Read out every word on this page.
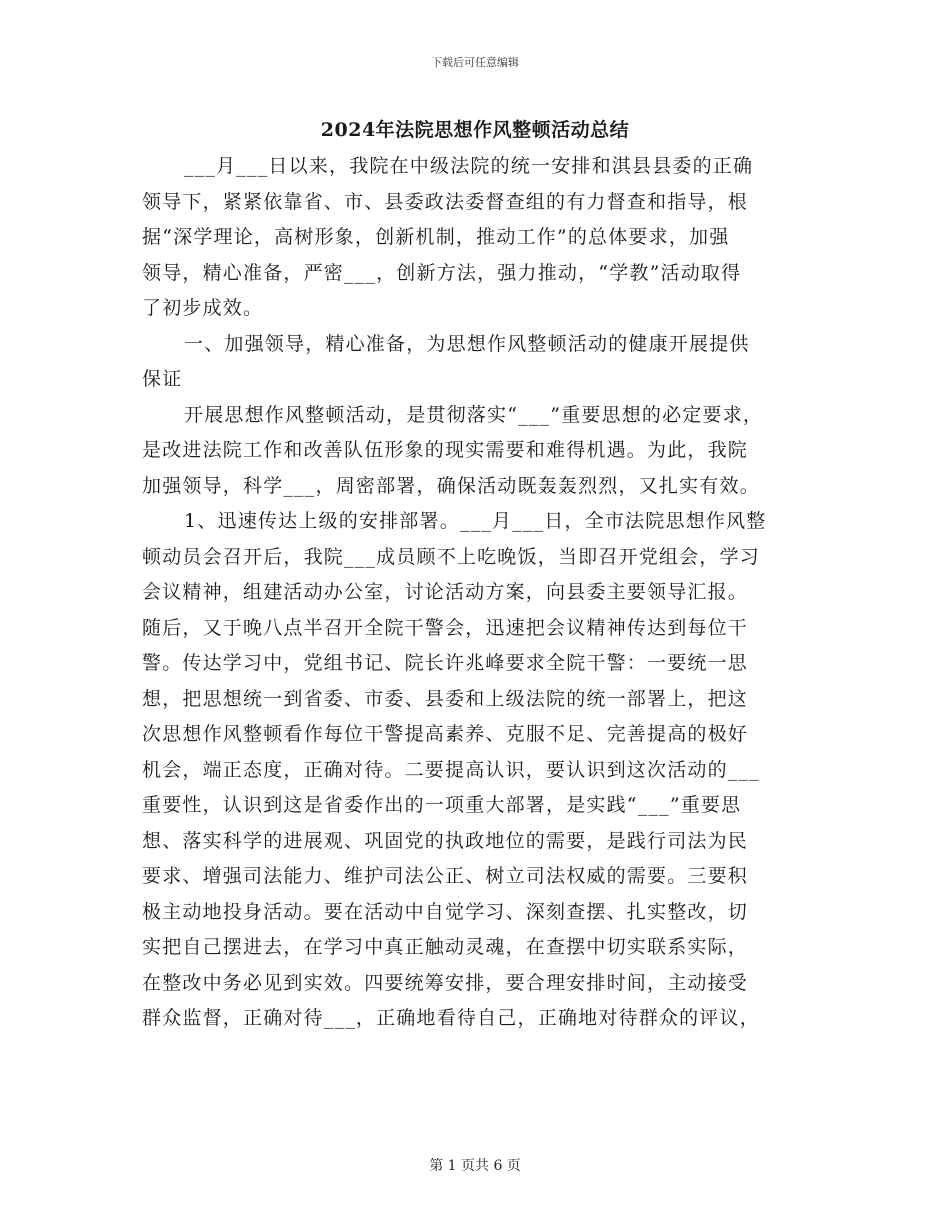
下载后可任意编辑
2024年法院思想作风整顿活动总结
___月___日以来，我院在中级法院的统一安排和淇县县委的正确
领导下，紧紧依靠省、市、县委政法委督查组的有力督查和指导，根
据“深学理论，高树形象，创新机制，推动工作”的总体要求，加强
领导，精心准备，严密___，创新方法，强力推动，“学教”活动取得
了初步成效。
一、加强领导，精心准备，为思想作风整顿活动的健康开展提供
保证
开展思想作风整顿活动，是贯彻落实“___”重要思想的必定要求，
是改进法院工作和改善队伍形象的现实需要和难得机遇。为此，我院
加强领导，科学___，周密部署，确保活动既轰轰烈烈，又扎实有效。
1、迅速传达上级的安排部署。___月___日，全市法院思想作风整
顿动员会召开后，我院___成员顾不上吃晚饭，当即召开党组会，学习
会议精神，组建活动办公室，讨论活动方案，向县委主要领导汇报。
随后，又于晚八点半召开全院干警会，迅速把会议精神传达到每位干
警。传达学习中，党组书记、院长许兆峰要求全院干警：一要统一思
想，把思想统一到省委、市委、县委和上级法院的统一部署上，把这
次思想作风整顿看作每位干警提高素养、克服不足、完善提高的极好
机会，端正态度，正确对待。二要提高认识，要认识到这次活动的___
重要性，认识到这是省委作出的一项重大部署，是实践“___”重要思
想、落实科学的进展观、巩固党的执政地位的需要，是践行司法为民
要求、增强司法能力、维护司法公正、树立司法权威的需要。三要积
极主动地投身活动。要在活动中自觉学习、深刻查摆、扎实整改，切
实把自己摆进去，在学习中真正触动灵魂，在查摆中切实联系实际，
在整改中务必见到实效。四要统筹安排，要合理安排时间，主动接受
群众监督，正确对待___，正确地看待自己，正确地对待群众的评议，
第 1 页共 6 页
